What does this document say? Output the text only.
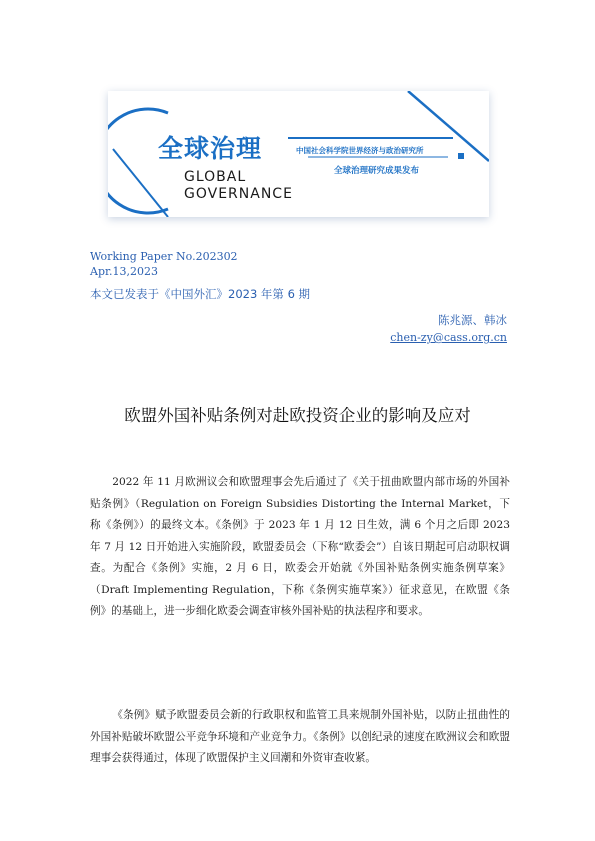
全球治理
GLOBAL
GOVERNANCE
中国社会科学院世界经济与政治研究所
全球治理研究成果发布
Working Paper No.202302
Apr.13,2023
本文已发表于《中国外汇》2023 年第 6 期
陈兆源、韩冰
chen-zy@cass.org.cn
欧盟外国补贴条例对赴欧投资企业的影响及应对
2022 年 11 月欧洲议会和欧盟理事会先后通过了《关于扭曲欧盟内部市场的外国补贴条例》（Regulation on Foreign Subsidies Distorting the Internal Market，下称《条例》）的最终文本。《条例》于 2023 年 1 月 12 日生效，满 6 个月之后即 2023 年 7 月 12 日开始进入实施阶段，欧盟委员会（下称“欧委会”）自该日期起可启动职权调查。为配合《条例》实施，2 月 6 日，欧委会开始就《外国补贴条例实施条例草案》（Draft Implementing Regulation，下称《条例实施草案》）征求意见，在欧盟《条例》的基础上，进一步细化欧委会调查审核外国补贴的执法程序和要求。
《条例》赋予欧盟委员会新的行政职权和监管工具来规制外国补贴，以防止扭曲性的外国补贴破坏欧盟公平竞争环境和产业竞争力。《条例》以创纪录的速度在欧洲议会和欧盟理事会获得通过，体现了欧盟保护主义回潮和外资审查收紧。
